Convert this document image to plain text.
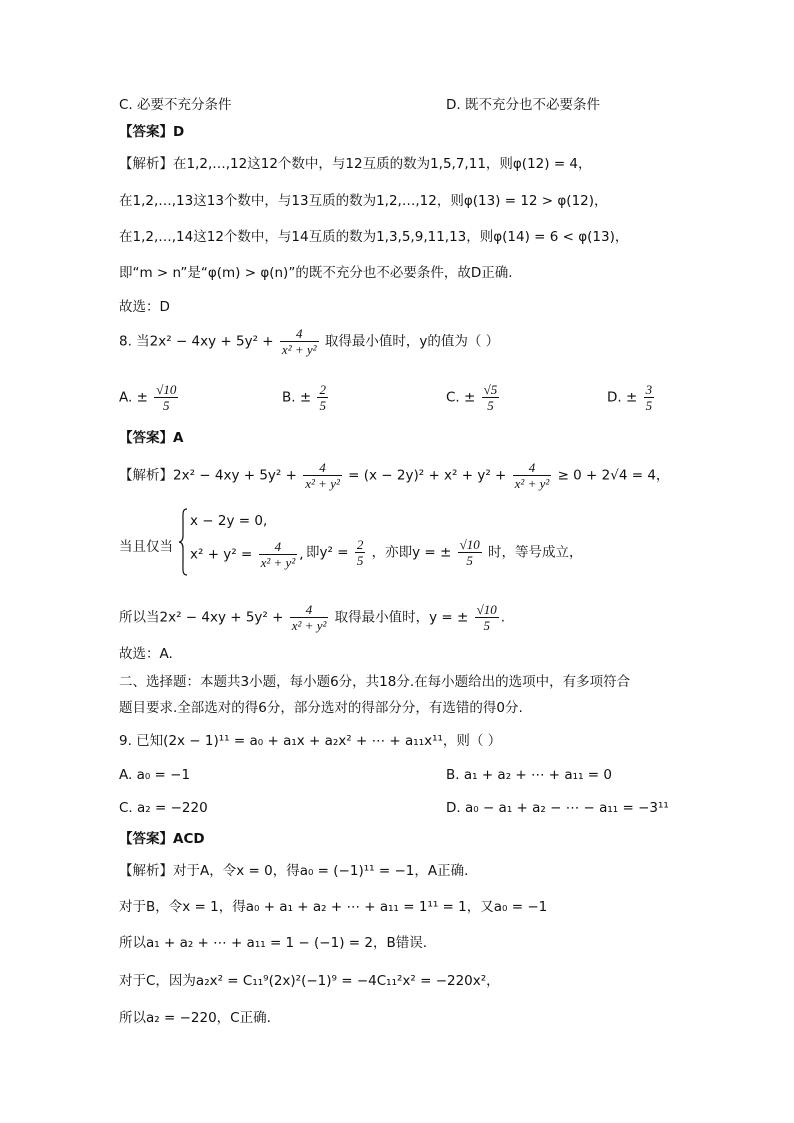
C. 必要不充分条件	D. 既不充分也不必要条件
【答案】D
【解析】在1,2,…,12这12个数中，与12互质的数为1,5,7,11，则φ(12) = 4，
在1,2,…,13这13个数中，与13互质的数为1,2,…,12，则φ(13) = 12 > φ(12)，
在1,2,…,14这12个数中，与14互质的数为1,3,5,9,11,13，则φ(14) = 6 < φ(13)，
即“m > n”是“φ(m) > φ(n)”的既不充分也不必要条件，故D正确.
故选：D
8. 当$2x^2 - 4xy + 5y^2 + \frac{4}{\text{x² + y²}}$ 取得最小值时，y的值为（ ）
A. ± $\frac{√10}{5}$	B. ± $\frac{2}{5}$	C. ± $\frac{√5}{5}$	D. ± $\frac{3}{5}$
【答案】A
【解析】$2x^2 - 4xy + 5y^2 + \frac{4}{\text{x² + y²}} = (x - 2y)^2 + x^2 + y^2 + \frac{4}{\text{x² + y²}} \ge 0 + 2√4 = 4$，
当且仅当
x − 2y = 0,
$x^2 + y^2 = \frac{4}{\text{x² + y²}}$ , 即$y^2 = \frac{2}{5}$ ，亦即y = ± $\frac{√10}{5}$ 时，等号成立，
所以当$2x^2 - 4xy + 5y^2 + \frac{4}{\text{x² + y²}}$ 取得最小值时，y = ± $\frac{√10}{5}$ .
故选：A.
二、选择题：本题共3小题，每小题6分，共18分.在每小题给出的选项中，有多项符合
题目要求.全部选对的得6分，部分选对的得部分分，有选错的得0分.
9. 已知(2x − 1)¹¹ = a₀ + a₁x + a₂x² + ⋯ + a₁₁x¹¹，则（ ）
A. a₀ = −1	B. a₁ + a₂ + ⋯ + a₁₁ = 0
C. a₂ = −220	D. a₀ − a₁ + a₂ − ⋯ − a₁₁ = −3¹¹
【答案】ACD
【解析】对于A，令x = 0，得a₀ = (−1)¹¹ = −1，A正确.
对于B，令x = 1，得a₀ + a₁ + a₂ + ⋯ + a₁₁ = 1¹¹ = 1，又a₀ = −1
所以a₁ + a₂ + ⋯ + a₁₁ = 1 − (−1) = 2，B错误.
对于C，因为a₂x² = C₁₁⁹(2x)²(−1)⁹ = −4C₁₁²x² = −220x²，
所以a₂ = −220，C正确.
